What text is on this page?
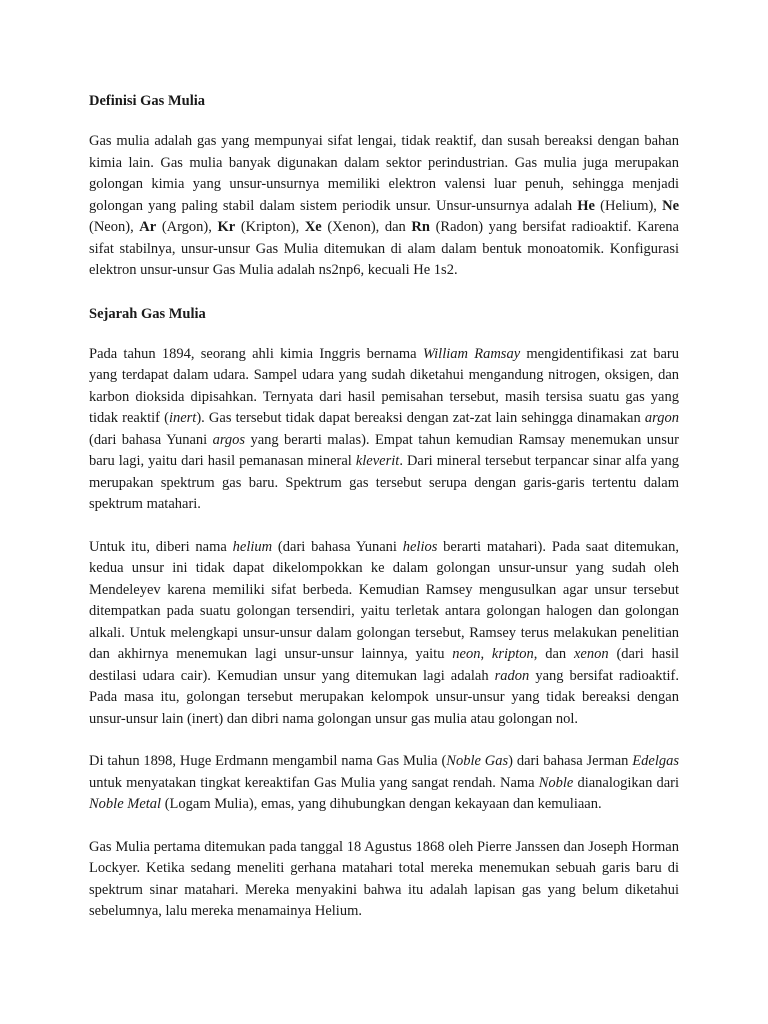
Definisi Gas Mulia

Gas mulia adalah gas yang mempunyai sifat lengai, tidak reaktif, dan susah bereaksi dengan bahan kimia lain. Gas mulia banyak digunakan dalam sektor perindustrian. Gas mulia juga merupakan golongan kimia yang unsur-unsurnya memiliki elektron valensi luar penuh, sehingga menjadi golongan yang paling stabil dalam sistem periodik unsur. Unsur-unsurnya adalah He (Helium), Ne (Neon), Ar (Argon), Kr (Kripton), Xe (Xenon), dan Rn (Radon) yang bersifat radioaktif. Karena sifat stabilnya, unsur-unsur Gas Mulia ditemukan di alam dalam bentuk monoatomik. Konfigurasi elektron unsur-unsur Gas Mulia adalah ns2np6, kecuali He 1s2.

Sejarah Gas Mulia

Pada tahun 1894, seorang ahli kimia Inggris bernama William Ramsay mengidentifikasi zat baru yang terdapat dalam udara. Sampel udara yang sudah diketahui mengandung nitrogen, oksigen, dan karbon dioksida dipisahkan. Ternyata dari hasil pemisahan tersebut, masih tersisa suatu gas yang tidak reaktif (inert). Gas tersebut tidak dapat bereaksi dengan zat-zat lain sehingga dinamakan argon (dari bahasa Yunani argos yang berarti malas). Empat tahun kemudian Ramsay menemukan unsur baru lagi, yaitu dari hasil pemanasan mineral kleverit. Dari mineral tersebut terpancar sinar alfa yang merupakan spektrum gas baru. Spektrum gas tersebut serupa dengan garis-garis tertentu dalam spektrum matahari.

Untuk itu, diberi nama helium (dari bahasa Yunani helios berarti matahari). Pada saat ditemukan, kedua unsur ini tidak dapat dikelompokkan ke dalam golongan unsur-unsur yang sudah oleh Mendeleyev karena memiliki sifat berbeda. Kemudian Ramsey mengusulkan agar unsur tersebut ditempatkan pada suatu golongan tersendiri, yaitu terletak antara golongan halogen dan golongan alkali. Untuk melengkapi unsur-unsur dalam golongan tersebut, Ramsey terus melakukan penelitian dan akhirnya menemukan lagi unsur-unsur lainnya, yaitu neon, kripton, dan xenon (dari hasil destilasi udara cair). Kemudian unsur yang ditemukan lagi adalah radon yang bersifat radioaktif. Pada masa itu, golongan tersebut merupakan kelompok unsur-unsur yang tidak bereaksi dengan unsur-unsur lain (inert) dan dibri nama golongan unsur gas mulia atau golongan nol.

Di tahun 1898, Huge Erdmann mengambil nama Gas Mulia (Noble Gas) dari bahasa Jerman Edelgas untuk menyatakan tingkat kereaktifan Gas Mulia yang sangat rendah. Nama Noble dianalogikan dari Noble Metal (Logam Mulia), emas, yang dihubungkan dengan kekayaan dan kemuliaan.

Gas Mulia pertama ditemukan pada tanggal 18 Agustus 1868 oleh Pierre Janssen dan Joseph Horman Lockyer. Ketika sedang meneliti gerhana matahari total mereka menemukan sebuah garis baru di spektrum sinar matahari. Mereka menyakini bahwa itu adalah lapisan gas yang belum diketahui sebelumnya, lalu mereka menamainya Helium.
